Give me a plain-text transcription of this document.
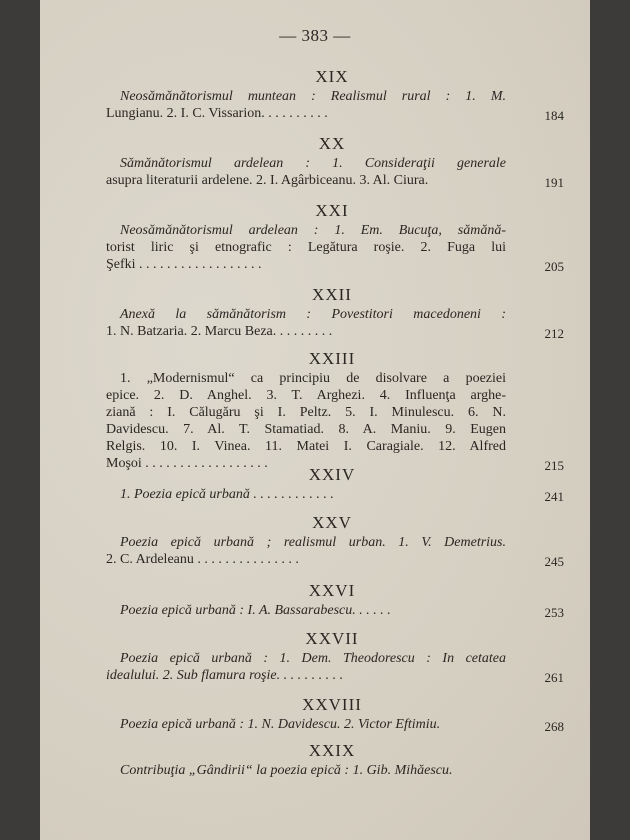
— 383 —
XIX
Neosămănătorismul muntean : Realismul rural : 1. M.
Lungianu. 2. I. C. Vissarion. . . . . . . . . .	184
XX
Sămănătorismul ardelean : 1. Consideraţii generale
asupra literaturii ardelene. 2. I. Agârbiceanu. 3. Al. Ciura.	191
XXI
Neosămănătorismul ardelean : 1. Em. Bucuţa, sămănă-
torist liric şi etnografic : Legătura roşie. 2. Fuga lui
Şefki . . . . . . . . . . . . . . . . . .	205
XXII
Anexă la sămănătorism : Povestitori macedoneni :
1. N. Batzaria. 2. Marcu Beza. . . . . . . . .	212
XXIII
1. „Modernismul“ ca principiu de disolvare a poeziei
epice. 2. D. Anghel. 3. T. Arghezi. 4. Influenţa arghe-
ziană : I. Călugăru şi I. Peltz. 5. I. Minulescu. 6. N.
Davidescu. 7. Al. T. Stamatiad. 8. A. Maniu. 9. Eugen
Relgis. 10. I. Vinea. 11. Matei I. Caragiale. 12. Alfred
Moşoi . . . . . . . . . . . . . . . . . .	215
XXIV
1. Poezia epică urbană . . . . . . . . . . . .	241
XXV
Poezia epică urbană ; realismul urban. 1. V. Demetrius.
2. C. Ardeleanu . . . . . . . . . . . . . . .	245
XXVI
Poezia epică urbană : I. A. Bassarabescu. . . . . .	253
XXVII
Poezia epică urbană : 1. Dem. Theodorescu : In cetatea
idealului. 2. Sub flamura roşie. . . . . . . . . .	261
XXVIII
Poezia epică urbană : 1. N. Davidescu. 2. Victor Eftimiu.	268
XXIX
Contribuţia „Gândirii“ la poezia epică : 1. Gib. Mihăescu.
